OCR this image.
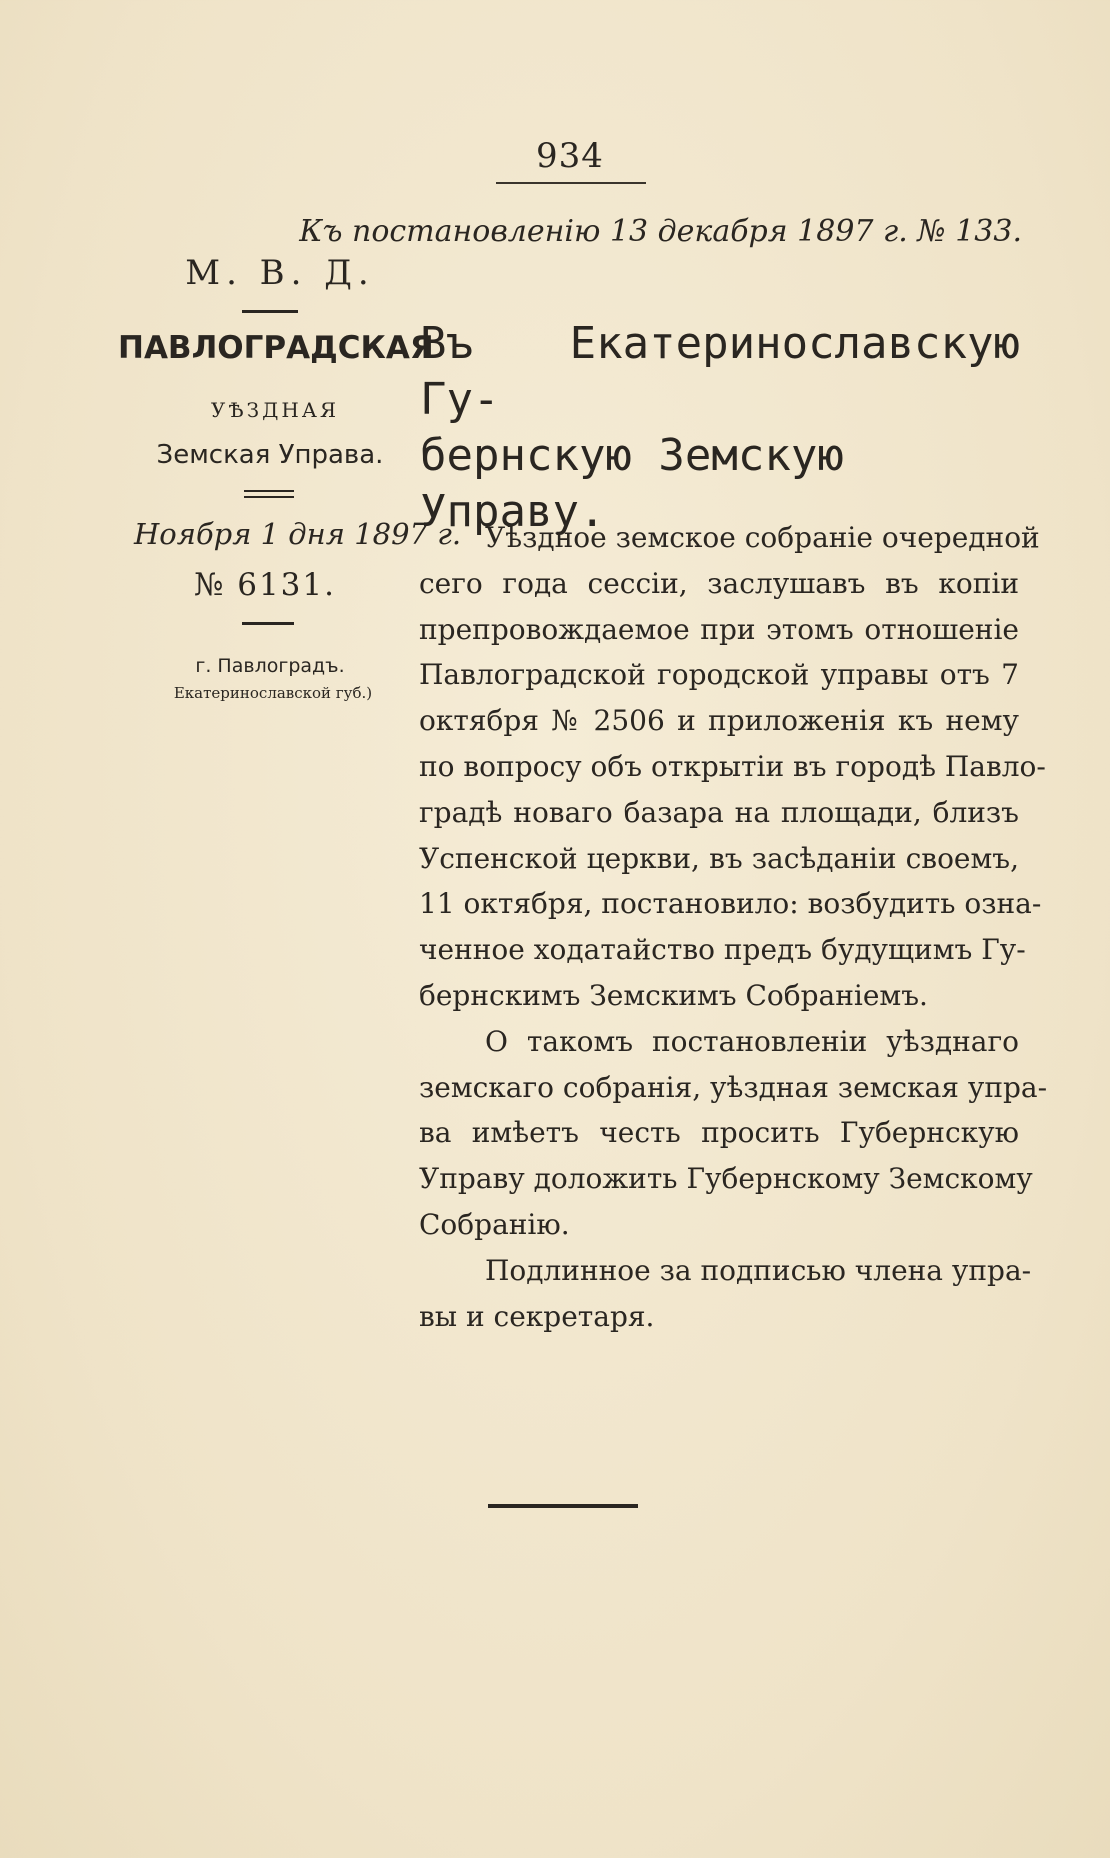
934
Къ постановленію 13 декабря 1897 г. № 133.
М. В. Д.
ПАВЛОГРАДСКАЯ
УѢЗДНАЯ
Земская Управа.
Ноября 1 дня 1897 г.
№ 6131.
г. Павлоградъ.
Екатеринославской губ.)
Въ Екатеринославскую Гу-
бернскую Земскую Управу.
Уѣздное земское собраніе очередной
сего года сессіи, заслушавъ въ копіи
препровождаемое при этомъ отношеніе
Павлоградской городской управы отъ 7
октября № 2506 и приложенія къ нему
по вопросу объ открытіи въ городѣ Павло-
градѣ новаго базара на площади, близъ
Успенской церкви, въ засѣданіи своемъ,
11 октября, постановило: возбудить озна-
ченное ходатайство предъ будущимъ Гу-
бернскимъ Земскимъ Собраніемъ.
О такомъ постановленіи уѣзднаго
земскаго собранія, уѣздная земская упра-
ва имѣетъ честь просить Губернскую
Управу доложить Губернскому Земскому
Собранію.
Подлинное за подписью члена упра-
вы и секретаря.
